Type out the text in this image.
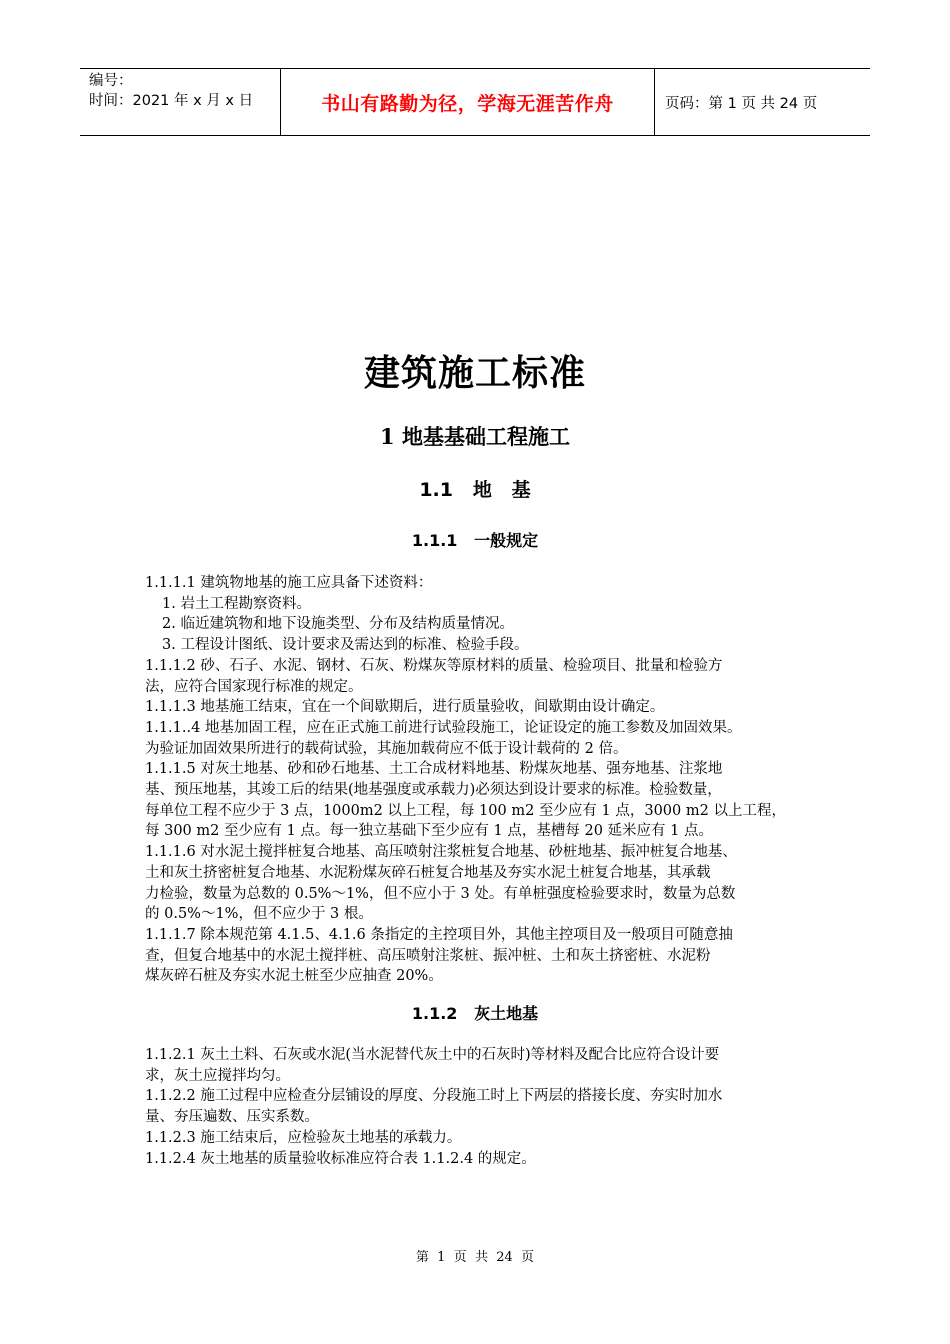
编号：
时间：2021 年 x 月 x 日	书山有路勤为径，学海无涯苦作舟	页码：第 1 页 共 24 页
建筑施工标准
1 地基基础工程施工
1.1   地   基
1.1.1   一般规定

1.1.1.1 建筑物地基的施工应具备下述资料：

1. 岩土工程勘察资料。

2. 临近建筑物和地下设施类型、分布及结构质量情况。

3. 工程设计图纸、设计要求及需达到的标准、检验手段。

1.1.1.2 砂、石子、水泥、钢材、石灰、粉煤灰等原材料的质量、检验项目、批量和检验方

法，应符合国家现行标准的规定。

1.1.1.3 地基施工结束，宜在一个间歇期后，进行质量验收，间歇期由设计确定。

1.1.1..4 地基加固工程，应在正式施工前进行试验段施工，论证设定的施工参数及加固效果。

为验证加固效果所进行的载荷试验，其施加载荷应不低于设计载荷的 2 倍。

1.1.1.5 对灰土地基、砂和砂石地基、土工合成材料地基、粉煤灰地基、强夯地基、注浆地

基、预压地基，其竣工后的结果(地基强度或承载力)必须达到设计要求的标准。检验数量，

每单位工程不应少于 3 点，1000m2 以上工程，每 100 m2 至少应有 1 点，3000 m2 以上工程，

每 300 m2 至少应有 1 点。每一独立基础下至少应有 1 点，基槽每 20 延米应有 1 点。

1.1.1.6 对水泥土搅拌桩复合地基、高压喷射注浆桩复合地基、砂桩地基、振冲桩复合地基、

土和灰土挤密桩复合地基、水泥粉煤灰碎石桩复合地基及夯实水泥土桩复合地基，其承载

力检验，数量为总数的 0.5%～1%，但不应小于 3 处。有单桩强度检验要求时，数量为总数

的 0.5%～1%，但不应少于 3 根。

1.1.1.7 除本规范第 4.1.5、4.1.6 条指定的主控项目外，其他主控项目及一般项目可随意抽

查，但复合地基中的水泥土搅拌桩、高压喷射注浆桩、振冲桩、土和灰土挤密桩、水泥粉

煤灰碎石桩及夯实水泥土桩至少应抽查 20%。

1.1.2   灰土地基

1.1.2.1 灰土土料、石灰或水泥(当水泥替代灰土中的石灰时)等材料及配合比应符合设计要

求，灰土应搅拌均匀。

1.1.2.2 施工过程中应检查分层铺设的厚度、分段施工时上下两层的搭接长度、夯实时加水

量、夯压遍数、压实系数。

1.1.2.3 施工结束后，应检验灰土地基的承载力。

1.1.2.4 灰土地基的质量验收标准应符合表 1.1.2.4 的规定。

第  1  页  共  24  页
